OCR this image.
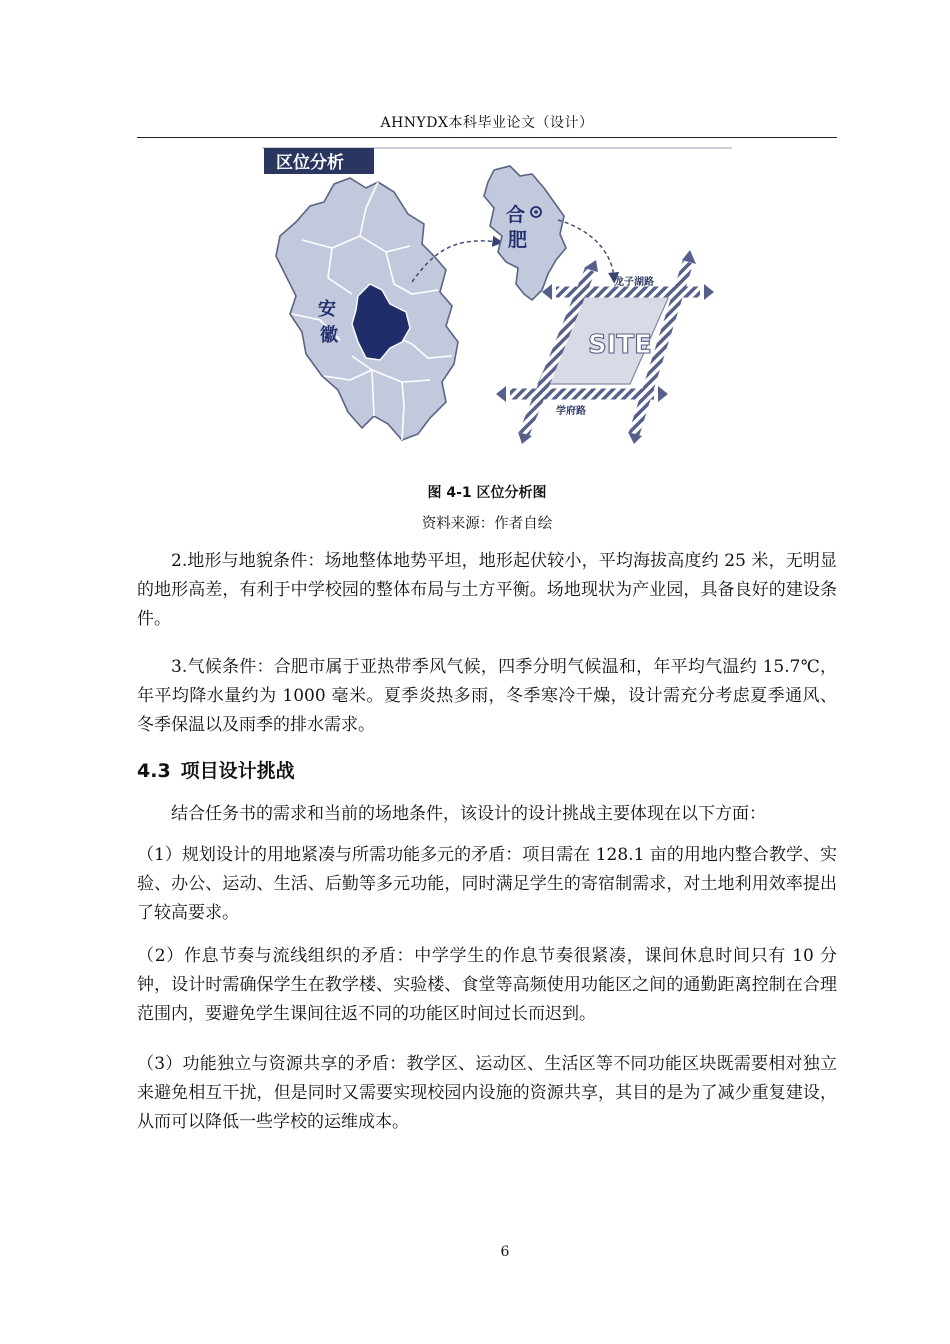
AHNYDX本科毕业论文（设计）
区位分析
安
徽
合
肥
SITE
龙子湖路
学府路
图 4-1 区位分析图
资料来源：作者自绘

2.地形与地貌条件：场地整体地势平坦，地形起伏较小，平均海拔高度约 25 米，无明显的地形高差，有利于中学校园的整体布局与土方平衡。场地现状为产业园，具备良好的建设条件。

3.气候条件：合肥市属于亚热带季风气候，四季分明气候温和，年平均气温约 15.7℃，年平均降水量约为 1000 毫米。夏季炎热多雨，冬季寒冷干燥，设计需充分考虑夏季通风、冬季保温以及雨季的排水需求。

4.3 项目设计挑战

结合任务书的需求和当前的场地条件，该设计的设计挑战主要体现在以下方面：

（1）规划设计的用地紧凑与所需功能多元的矛盾：项目需在 128.1 亩的用地内整合教学、实验、办公、运动、生活、后勤等多元功能，同时满足学生的寄宿制需求，对土地利用效率提出了较高要求。

（2）作息节奏与流线组织的矛盾：中学学生的作息节奏很紧凑，课间休息时间只有 10 分钟，设计时需确保学生在教学楼、实验楼、食堂等高频使用功能区之间的通勤距离控制在合理范围内，要避免学生课间往返不同的功能区时间过长而迟到。

（3）功能独立与资源共享的矛盾：教学区、运动区、生活区等不同功能区块既需要相对独立来避免相互干扰，但是同时又需要实现校园内设施的资源共享，其目的是为了减少重复建设，从而可以降低一些学校的运维成本。

6
